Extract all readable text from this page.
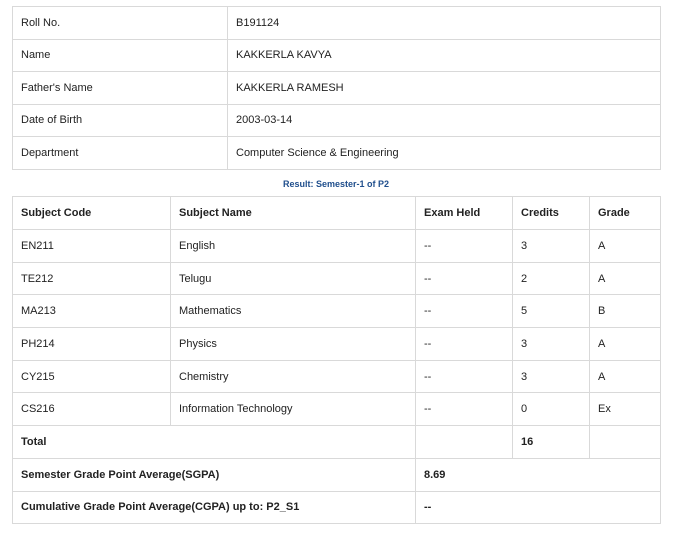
Roll No.	B191124
Name	KAKKERLA KAVYA
Father's Name	KAKKERLA RAMESH
Date of Birth	2003-03-14
Department	Computer Science & Engineering
Result: Semester-1 of P2
Subject Code	Subject Name	Exam Held	Credits	Grade
EN211	English	--	3	A
TE212	Telugu	--	2	A
MA213	Mathematics	--	5	B
PH214	Physics	--	3	A
CY215	Chemistry	--	3	A
CS216	Information Technology	--	0	Ex
Total			16	
Semester Grade Point Average(SGPA)		8.69		
Cumulative Grade Point Average(CGPA) up to: P2_S1		--		
